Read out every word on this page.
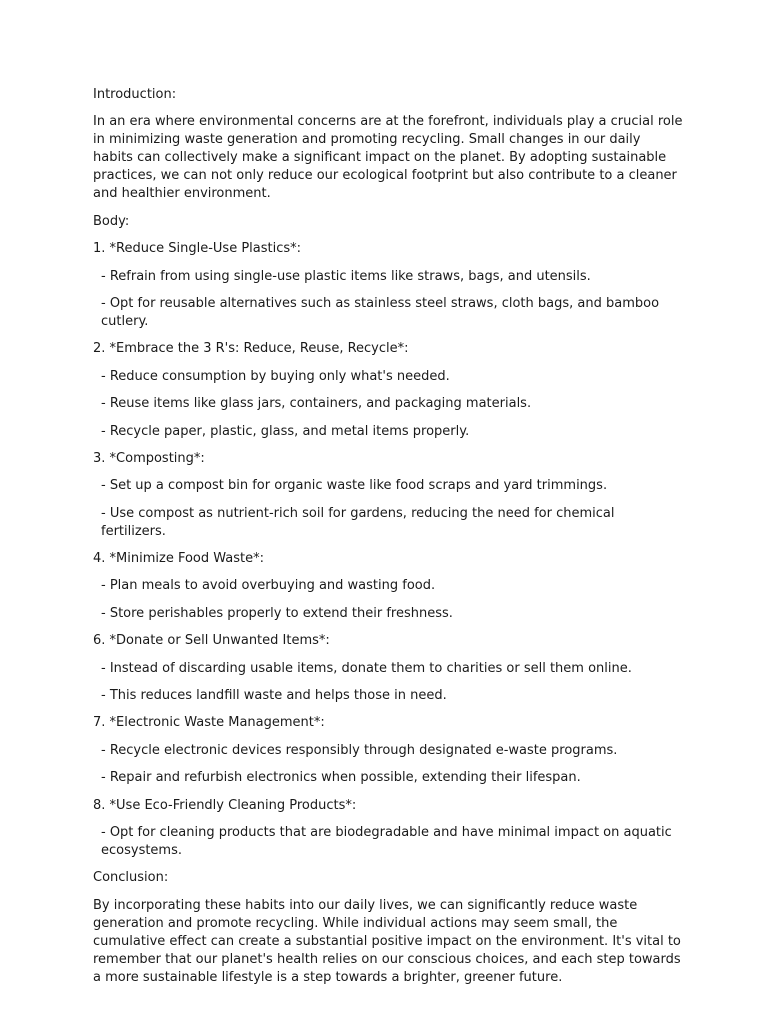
Introduction:

In an era where environmental concerns are at the forefront, individuals play a crucial role in minimizing waste generation and promoting recycling. Small changes in our daily habits can collectively make a significant impact on the planet. By adopting sustainable practices, we can not only reduce our ecological footprint but also contribute to a cleaner and healthier environment.

Body:

1. *Reduce Single-Use Plastics*:

- Refrain from using single-use plastic items like straws, bags, and utensils.

- Opt for reusable alternatives such as stainless steel straws, cloth bags, and bamboo cutlery.

2. *Embrace the 3 R's: Reduce, Reuse, Recycle*:

- Reduce consumption by buying only what's needed.

- Reuse items like glass jars, containers, and packaging materials.

- Recycle paper, plastic, glass, and metal items properly.

3. *Composting*:

- Set up a compost bin for organic waste like food scraps and yard trimmings.

- Use compost as nutrient-rich soil for gardens, reducing the need for chemical fertilizers.

4. *Minimize Food Waste*:

- Plan meals to avoid overbuying and wasting food.

- Store perishables properly to extend their freshness.

6. *Donate or Sell Unwanted Items*:

- Instead of discarding usable items, donate them to charities or sell them online.

- This reduces landfill waste and helps those in need.

7. *Electronic Waste Management*:

- Recycle electronic devices responsibly through designated e-waste programs.

- Repair and refurbish electronics when possible, extending their lifespan.

8. *Use Eco-Friendly Cleaning Products*:

- Opt for cleaning products that are biodegradable and have minimal impact on aquatic ecosystems.

Conclusion:

By incorporating these habits into our daily lives, we can significantly reduce waste generation and promote recycling. While individual actions may seem small, the cumulative effect can create a substantial positive impact on the environment. It's vital to remember that our planet's health relies on our conscious choices, and each step towards a more sustainable lifestyle is a step towards a brighter, greener future.
